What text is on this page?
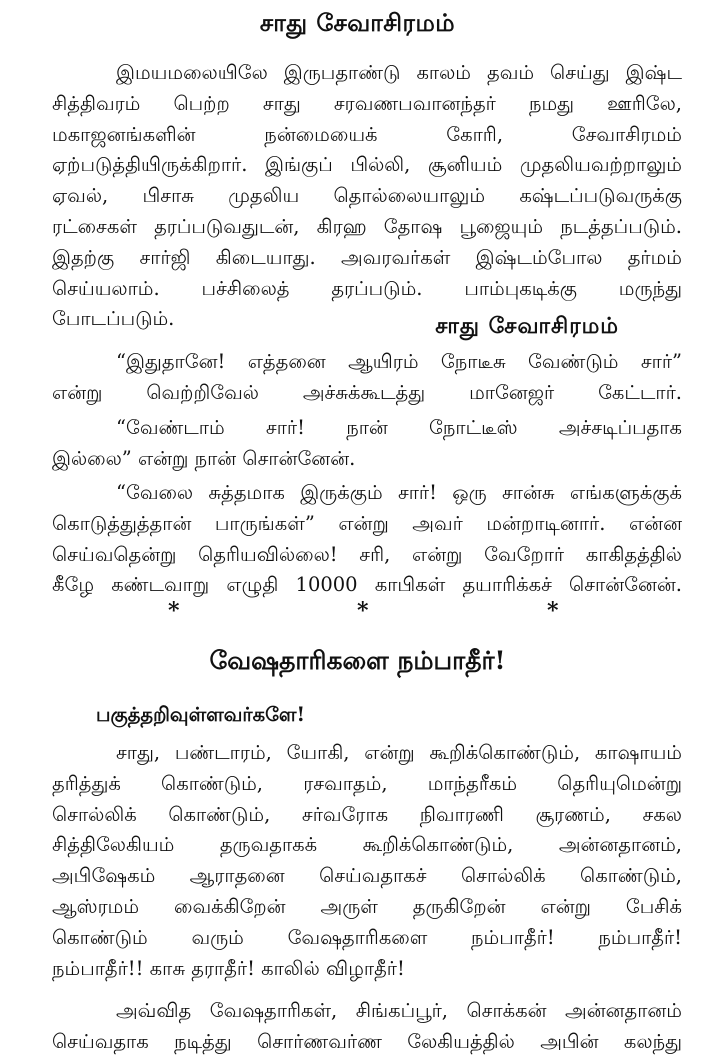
சாது சேவாசிரமம்
இமயமலையிலே இருபதாண்டு காலம் தவம் செய்து இஷ்ட
சித்திவரம் பெற்ற சாது சரவணபவானந்தர் நமது ஊரிலே,
மகாஜனங்களின் நன்மையைக் கோரி, சேவாசிரமம்
ஏற்படுத்தியிருக்கிறார். இங்குப் பில்லி, சூனியம் முதலியவற்றாலும்
ஏவல், பிசாசு முதலிய தொல்லையாலும் கஷ்டப்படுவருக்கு
ரட்சைகள் தரப்படுவதுடன், கிரஹ தோஷ பூஜையும் நடத்தப்படும்.
இதற்கு சார்ஜி கிடையாது. அவரவர்கள் இஷ்டம்போல தர்மம்
செய்யலாம். பச்சிலைத் தரப்படும். பாம்புகடிக்கு மருந்து
போடப்படும்.	சாது சேவாசிரமம்
“இதுதானே! எத்தனை ஆயிரம் நோடீசு வேண்டும் சார்”
என்று வெற்றிவேல் அச்சுக்கூடத்து மானேஜர் கேட்டார்.
“வேண்டாம் சார்! நான் நோட்டீஸ் அச்சடிப்பதாக
இல்லை” என்று நான் சொன்னேன்.
“வேலை சுத்தமாக இருக்கும் சார்! ஒரு சான்சு எங்களுக்குக்
கொடுத்துத்தான் பாருங்கள்” என்று அவர் மன்றாடினார். என்ன
செய்வதென்று தெரியவில்லை! சரி, என்று வேறோர் காகிதத்தில்
கீழே கண்டவாறு எழுதி 10000 காபிகள் தயாரிக்கச் சொன்னேன்.
*	*	*
வேஷதாரிகளை நம்பாதீர்!
பகுத்தறிவுள்ளவர்களே!
சாது, பண்டாரம், யோகி, என்று கூறிக்கொண்டும், காஷாயம்
தரித்துக் கொண்டும், ரசவாதம், மாந்தரீகம் தெரியுமென்று
சொல்லிக் கொண்டும், சர்வரோக நிவாரணி சூரணம், சகல
சித்திலேகியம் தருவதாகக் கூறிக்கொண்டும், அன்னதானம்,
அபிஷேகம் ஆராதனை செய்வதாகச் சொல்லிக் கொண்டும்,
ஆஸ்ரமம் வைக்கிறேன் அருள் தருகிறேன் என்று பேசிக்
கொண்டும் வரும் வேஷதாரிகளை நம்பாதீர்! நம்பாதீர்!
நம்பாதீர்!! காசு தராதீர்! காலில் விழாதீர்!
அவ்வித வேஷதாரிகள், சிங்கப்பூர், சொக்கன் அன்னதானம்
செய்வதாக நடித்து சொர்ணவர்ண லேகியத்தில் அபின் கலந்து
